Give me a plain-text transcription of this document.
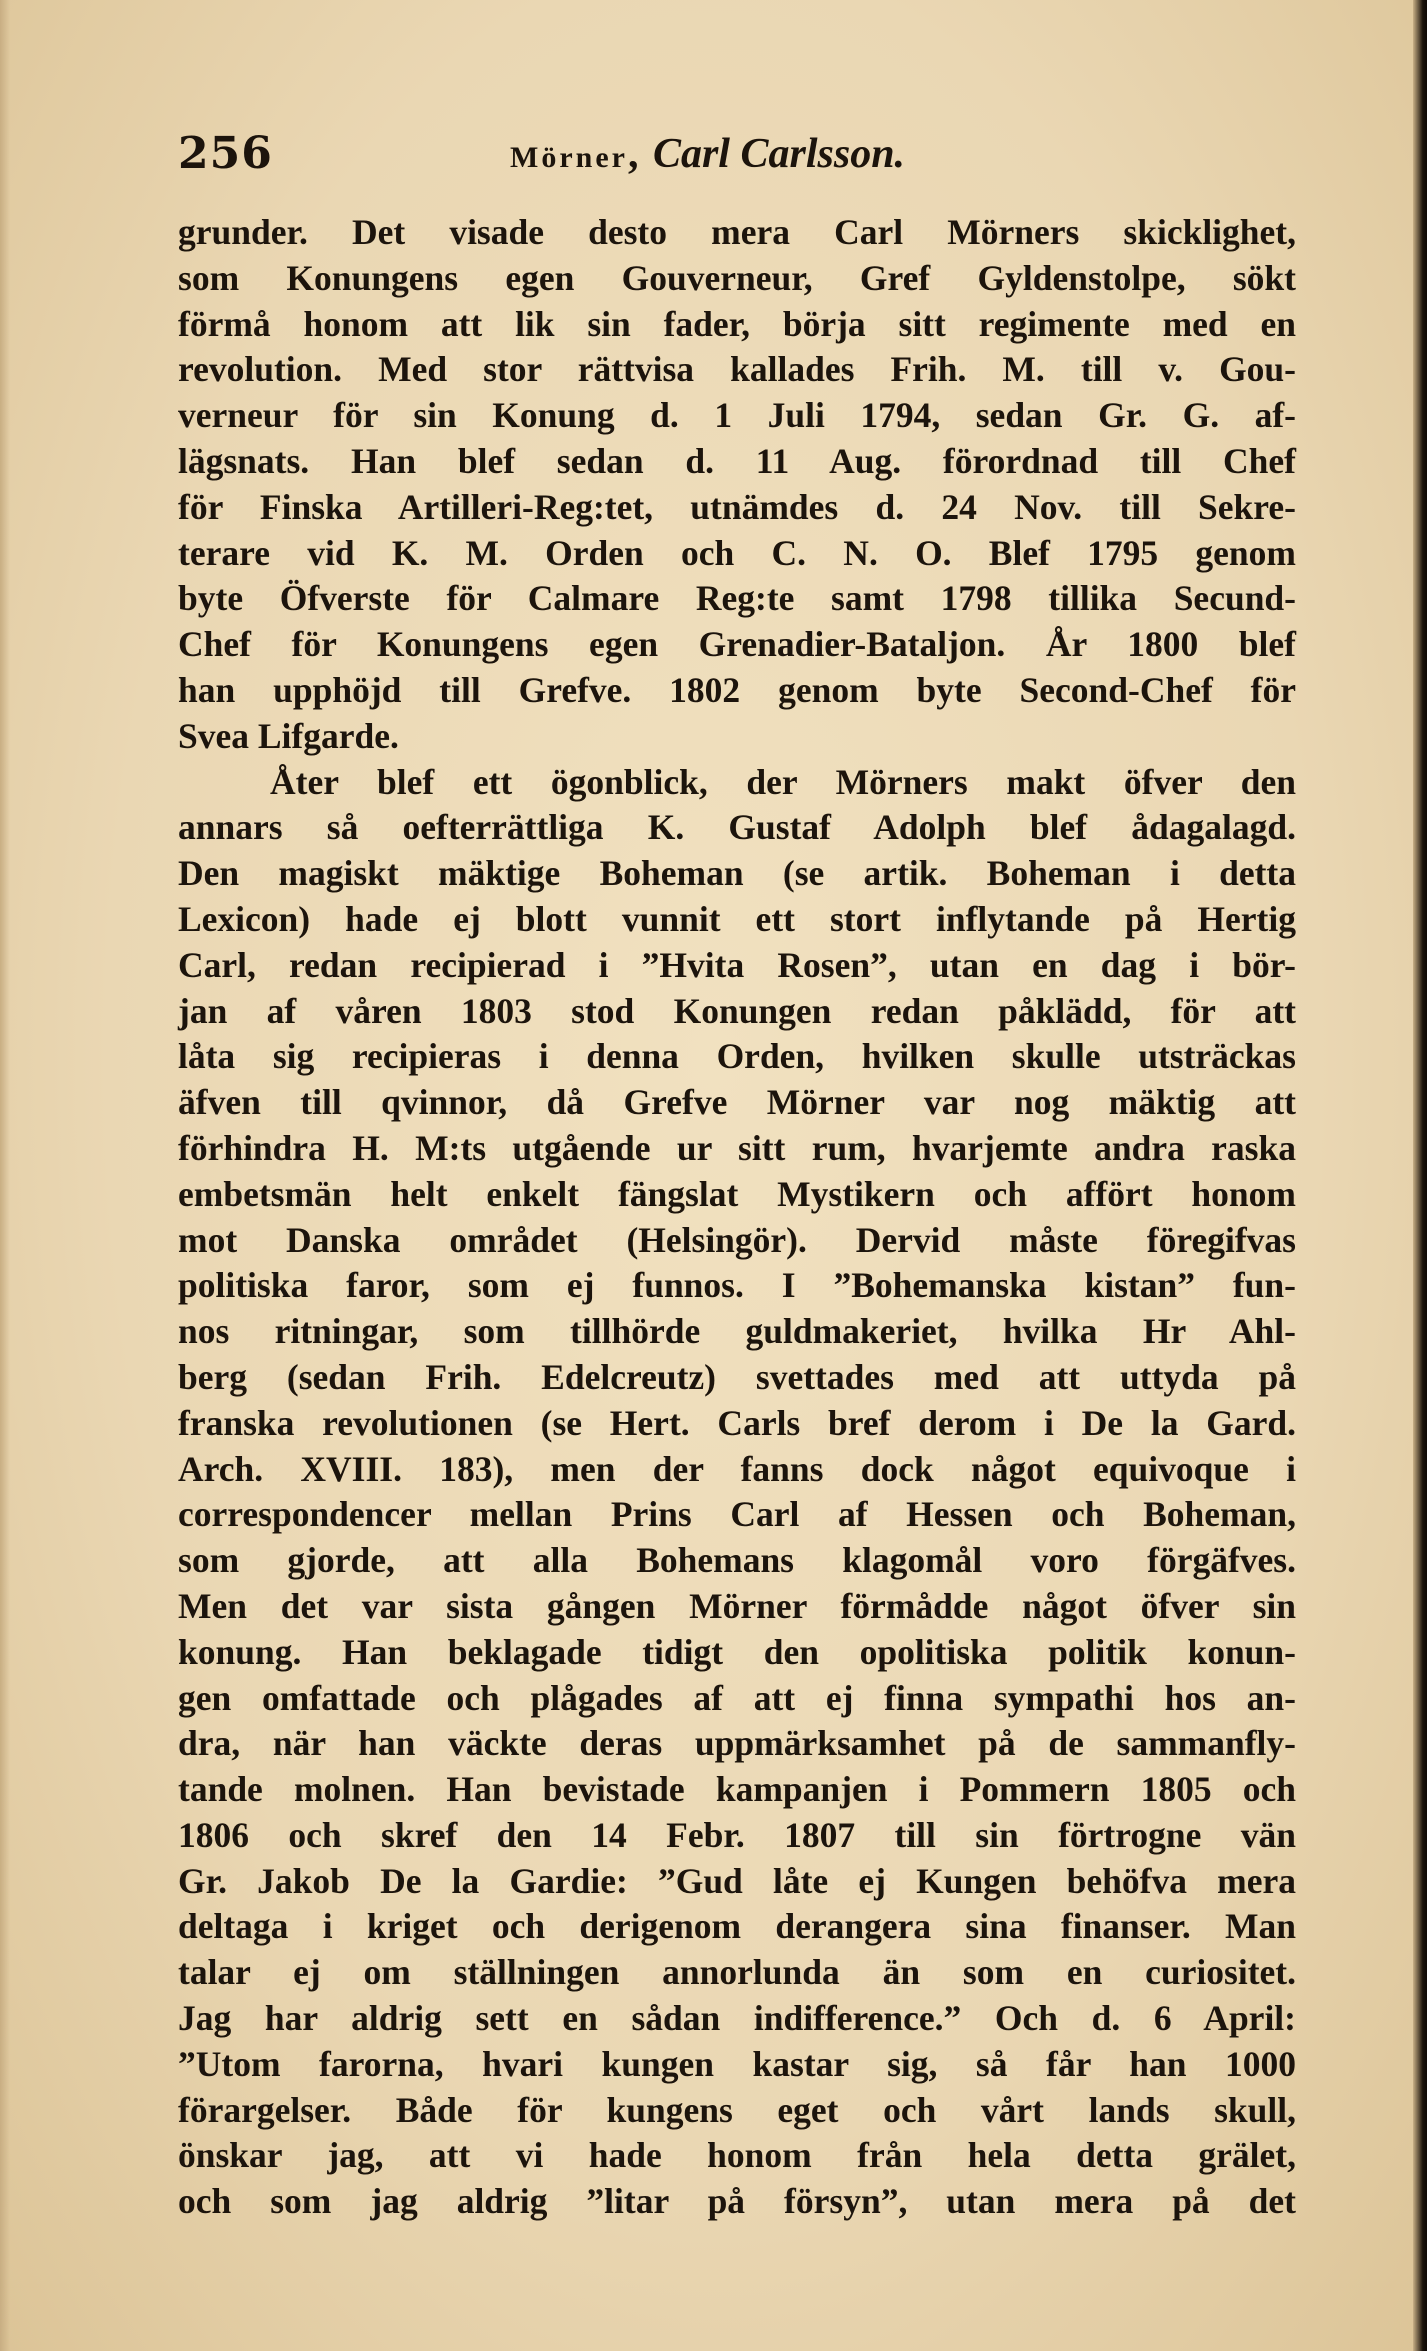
256	Mörner, Carl Carlsson.
grunder. Det visade desto mera Carl Mörners skicklighet,
som Konungens egen Gouverneur, Gref Gyldenstolpe, sökt
förmå honom att lik sin fader, börja sitt regimente med en
revolution. Med stor rättvisa kallades Frih. M. till v. Gou-
verneur för sin Konung d. 1 Juli 1794, sedan Gr. G. af-
lägsnats. Han blef sedan d. 11 Aug. förordnad till Chef
för Finska Artilleri-Reg:tet, utnämdes d. 24 Nov. till Sekre-
terare vid K. M. Orden och C. N. O. Blef 1795 genom
byte Öfverste för Calmare Reg:te samt 1798 tillika Secund-
Chef för Konungens egen Grenadier-Bataljon. År 1800 blef
han upphöjd till Grefve. 1802 genom byte Second-Chef för
Svea Lifgarde.
Åter blef ett ögonblick, der Mörners makt öfver den
annars så oefterrättliga K. Gustaf Adolph blef ådagalagd.
Den magiskt mäktige Boheman (se artik. Boheman i detta
Lexicon) hade ej blott vunnit ett stort inflytande på Hertig
Carl, redan recipierad i ”Hvita Rosen”, utan en dag i bör-
jan af våren 1803 stod Konungen redan påklädd, för att
låta sig recipieras i denna Orden, hvilken skulle utsträckas
äfven till qvinnor, då Grefve Mörner var nog mäktig att
förhindra H. M:ts utgående ur sitt rum, hvarjemte andra raska
embetsmän helt enkelt fängslat Mystikern och affört honom
mot Danska området (Helsingör). Dervid måste föregifvas
politiska faror, som ej funnos. I ”Bohemanska kistan” fun-
nos ritningar, som tillhörde guldmakeriet, hvilka Hr Ahl-
berg (sedan Frih. Edelcreutz) svettades med att uttyda på
franska revolutionen (se Hert. Carls bref derom i De la Gard.
Arch. XVIII. 183), men der fanns dock något equivoque i
correspondencer mellan Prins Carl af Hessen och Boheman,
som gjorde, att alla Bohemans klagomål voro förgäfves.
Men det var sista gången Mörner förmådde något öfver sin
konung. Han beklagade tidigt den opolitiska politik konun-
gen omfattade och plågades af att ej finna sympathi hos an-
dra, när han väckte deras uppmärksamhet på de sammanfly-
tande molnen. Han bevistade kampanjen i Pommern 1805 och
1806 och skref den 14 Febr. 1807 till sin förtrogne vän
Gr. Jakob De la Gardie: ”Gud låte ej Kungen behöfva mera
deltaga i kriget och derigenom derangera sina finanser. Man
talar ej om ställningen annorlunda än som en curiositet.
Jag har aldrig sett en sådan indifference.” Och d. 6 April:
”Utom farorna, hvari kungen kastar sig, så får han 1000
förargelser. Både för kungens eget och vårt lands skull,
önskar jag, att vi hade honom från hela detta grälet,
och som jag aldrig ”litar på försyn”, utan mera på det
